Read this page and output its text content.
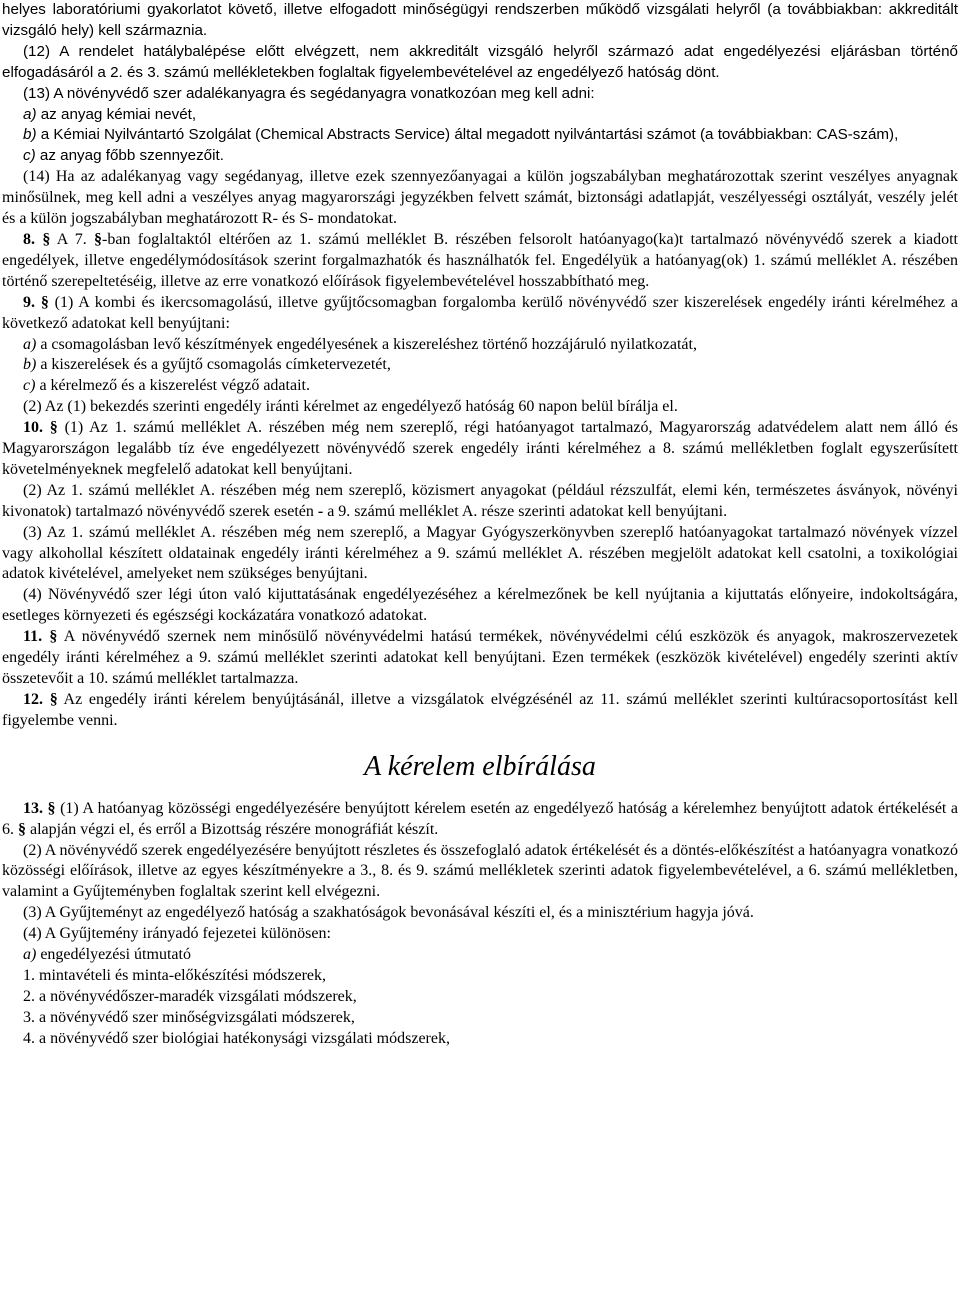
helyes laboratóriumi gyakorlatot követő, illetve elfogadott minőségügyi rendszerben működő vizsgálati helyről (a továbbiakban: akkreditált vizsgáló hely) kell származnia.

(12) A rendelet hatálybalépése előtt elvégzett, nem akkreditált vizsgáló helyről származó adat engedélyezési eljárásban történő elfogadásáról a 2. és 3. számú mellékletekben foglaltak figyelembevételével az engedélyező hatóság dönt.

(13) A növényvédő szer adalékanyagra és segédanyagra vonatkozóan meg kell adni:

a) az anyag kémiai nevét,

b) a Kémiai Nyilvántartó Szolgálat (Chemical Abstracts Service) által megadott nyilvántartási számot (a továbbiakban: CAS-szám),

c) az anyag főbb szennyezőit.

(14) Ha az adalékanyag vagy segédanyag, illetve ezek szennyezőanyagai a külön jogszabályban meghatározottak szerint veszélyes anyagnak minősülnek, meg kell adni a veszélyes anyag magyarországi jegyzékben felvett számát, biztonsági adatlapját, veszélyességi osztályát, veszély jelét és a külön jogszabályban meghatározott R- és S- mondatokat.

8. § A 7. §-ban foglaltaktól eltérően az 1. számú melléklet B. részében felsorolt hatóanyago(ka)t tartalmazó növényvédő szerek a kiadott engedélyek, illetve engedélymódosítások szerint forgalmazhatók és használhatók fel. Engedélyük a hatóanyag(ok) 1. számú melléklet A. részében történő szerepeltetéséig, illetve az erre vonatkozó előírások figyelembevételével hosszabbítható meg.

9. § (1) A kombi és ikercsomagolású, illetve gyűjtőcsomagban forgalomba kerülő növényvédő szer kiszerelések engedély iránti kérelméhez a következő adatokat kell benyújtani:

a) a csomagolásban levő készítmények engedélyesének a kiszereléshez történő hozzájáruló nyilatkozatát,

b) a kiszerelések és a gyűjtő csomagolás címketervezetét,

c) a kérelmező és a kiszerelést végző adatait.

(2) Az (1) bekezdés szerinti engedély iránti kérelmet az engedélyező hatóság 60 napon belül bírálja el.

10. § (1) Az 1. számú melléklet A. részében még nem szereplő, régi hatóanyagot tartalmazó, Magyarország adatvédelem alatt nem álló és Magyarországon legalább tíz éve engedélyezett növényvédő szerek engedély iránti kérelméhez a 8. számú mellékletben foglalt egyszerűsített követelményeknek megfelelő adatokat kell benyújtani.

(2) Az 1. számú melléklet A. részében még nem szereplő, közismert anyagokat (például rézszulfát, elemi kén, természetes ásványok, növényi kivonatok) tartalmazó növényvédő szerek esetén - a 9. számú melléklet A. része szerinti adatokat kell benyújtani.

(3) Az 1. számú melléklet A. részében még nem szereplő, a Magyar Gyógyszerkönyvben szereplő hatóanyagokat tartalmazó növények vízzel vagy alkohollal készített oldatainak engedély iránti kérelméhez a 9. számú melléklet A. részében megjelölt adatokat kell csatolni, a toxikológiai adatok kivételével, amelyeket nem szükséges benyújtani.

(4) Növényvédő szer légi úton való kijuttatásának engedélyezéséhez a kérelmezőnek be kell nyújtania a kijuttatás előnyeire, indokoltságára, esetleges környezeti és egészségi kockázatára vonatkozó adatokat.

11. § A növényvédő szernek nem minősülő növényvédelmi hatású termékek, növényvédelmi célú eszközök és anyagok, makroszervezetek engedély iránti kérelméhez a 9. számú melléklet szerinti adatokat kell benyújtani. Ezen termékek (eszközök kivételével) engedély szerinti aktív összetevőit a 10. számú melléklet tartalmazza.

12. § Az engedély iránti kérelem benyújtásánál, illetve a vizsgálatok elvégzésénél az 11. számú melléklet szerinti kultúracsoportosítást kell figyelembe venni.

A kérelem elbírálása

13. § (1) A hatóanyag közösségi engedélyezésére benyújtott kérelem esetén az engedélyező hatóság a kérelemhez benyújtott adatok értékelését a 6. § alapján végzi el, és erről a Bizottság részére monográfiát készít.

(2) A növényvédő szerek engedélyezésére benyújtott részletes és összefoglaló adatok értékelését és a döntés-előkészítést a hatóanyagra vonatkozó közösségi előírások, illetve az egyes készítményekre a 3., 8. és 9. számú mellékletek szerinti adatok figyelembevételével, a 6. számú mellékletben, valamint a Gyűjteményben foglaltak szerint kell elvégezni.

(3) A Gyűjteményt az engedélyező hatóság a szakhatóságok bevonásával készíti el, és a minisztérium hagyja jóvá.

(4) A Gyűjtemény irányadó fejezetei különösen:

a) engedélyezési útmutató

1. mintavételi és minta-előkészítési módszerek,

2. a növényvédőszer-maradék vizsgálati módszerek,

3. a növényvédő szer minőségvizsgálati módszerek,

4. a növényvédő szer biológiai hatékonysági vizsgálati módszerek,
